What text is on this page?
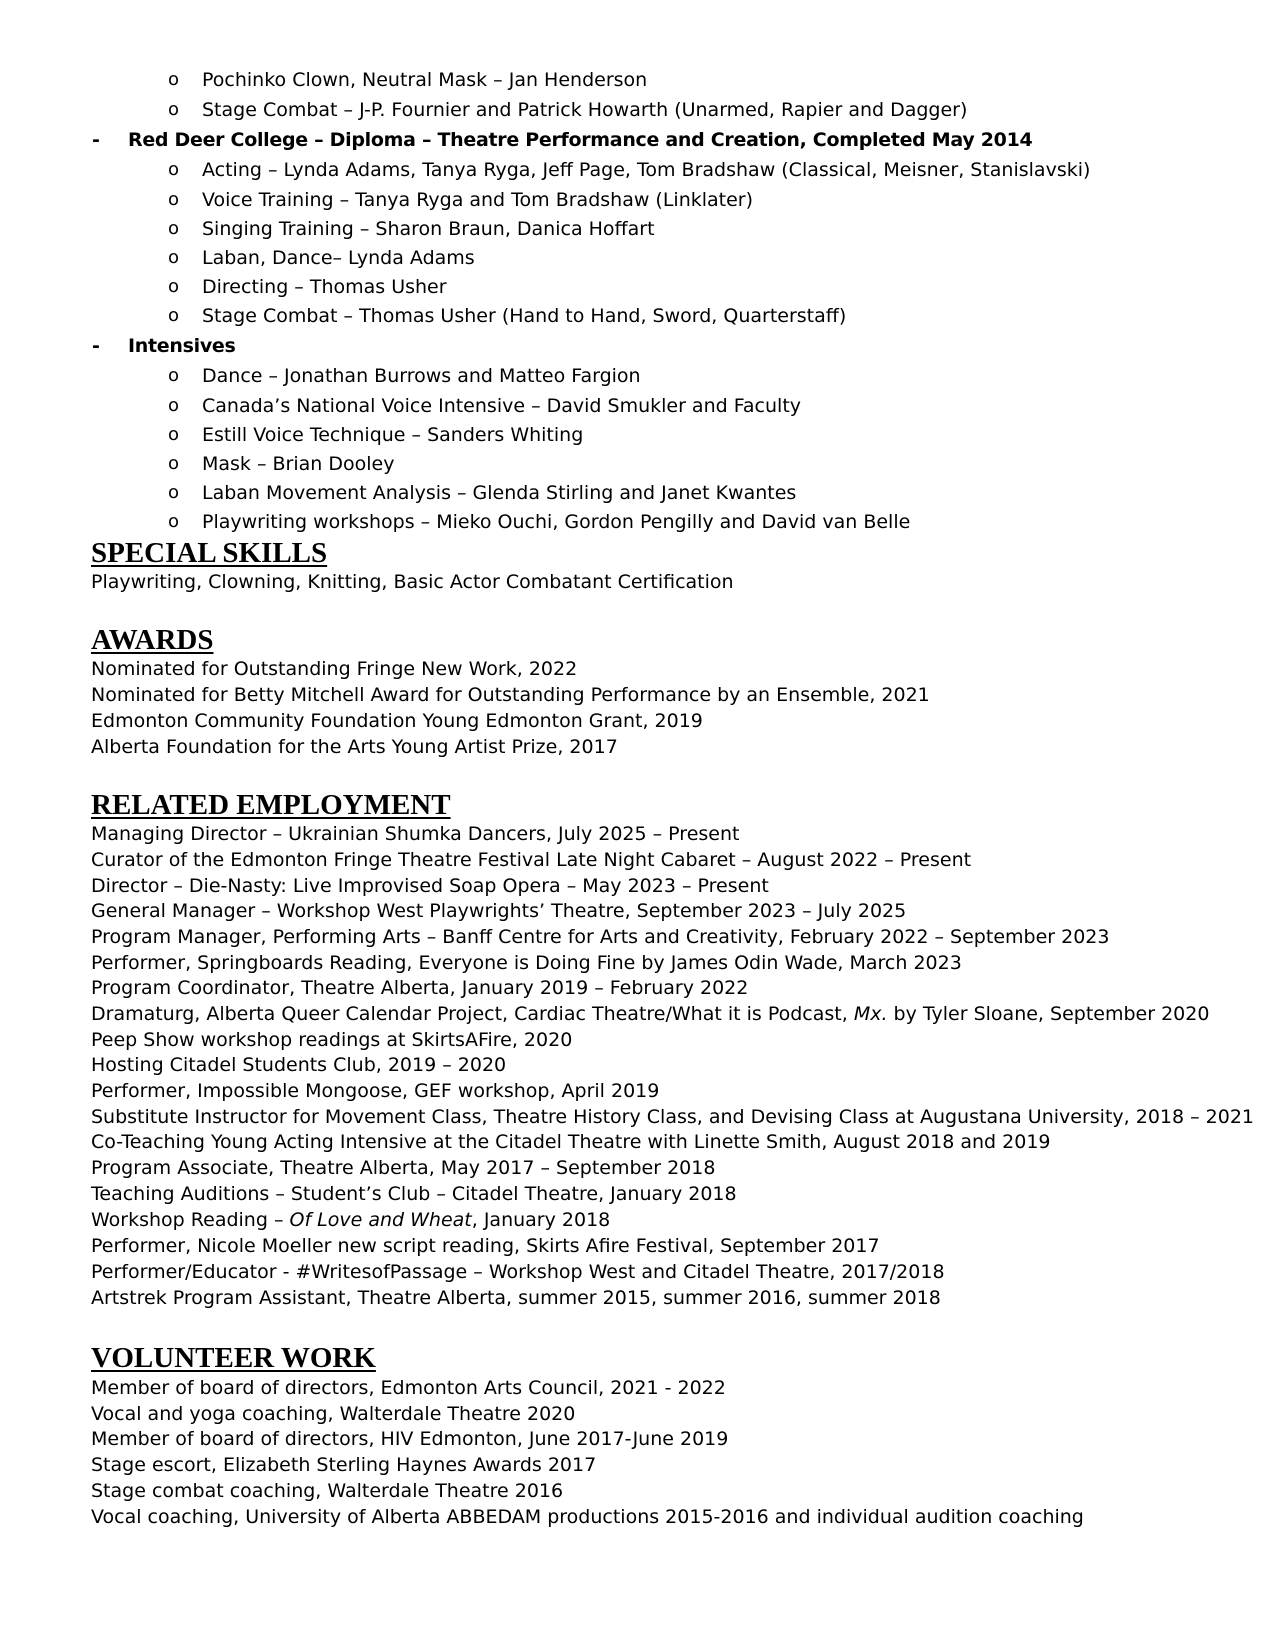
o Pochinko Clown, Neutral Mask – Jan Henderson
o Stage Combat – J-P. Fournier and Patrick Howarth (Unarmed, Rapier and Dagger)
- Red Deer College – Diploma – Theatre Performance and Creation, Completed May 2014
o Acting – Lynda Adams, Tanya Ryga, Jeff Page, Tom Bradshaw (Classical, Meisner, Stanislavski)
o Voice Training – Tanya Ryga and Tom Bradshaw (Linklater)
o Singing Training – Sharon Braun, Danica Hoffart
o Laban, Dance– Lynda Adams
o Directing – Thomas Usher
o Stage Combat – Thomas Usher (Hand to Hand, Sword, Quarterstaff)
- Intensives
o Dance – Jonathan Burrows and Matteo Fargion
o Canada’s National Voice Intensive – David Smukler and Faculty
o Estill Voice Technique – Sanders Whiting
o Mask – Brian Dooley
o Laban Movement Analysis – Glenda Stirling and Janet Kwantes
o Playwriting workshops – Mieko Ouchi, Gordon Pengilly and David van Belle
SPECIAL SKILLS
Playwriting, Clowning, Knitting, Basic Actor Combatant Certification
AWARDS
Nominated for Outstanding Fringe New Work, 2022
Nominated for Betty Mitchell Award for Outstanding Performance by an Ensemble, 2021
Edmonton Community Foundation Young Edmonton Grant, 2019
Alberta Foundation for the Arts Young Artist Prize, 2017
RELATED EMPLOYMENT
Managing Director – Ukrainian Shumka Dancers, July 2025 – Present
Curator of the Edmonton Fringe Theatre Festival Late Night Cabaret – August 2022 – Present
Director – Die-Nasty: Live Improvised Soap Opera – May 2023 – Present
General Manager – Workshop West Playwrights’ Theatre, September 2023 – July 2025
Program Manager, Performing Arts – Banff Centre for Arts and Creativity, February 2022 – September 2023
Performer, Springboards Reading, Everyone is Doing Fine by James Odin Wade, March 2023
Program Coordinator, Theatre Alberta, January 2019 – February 2022
Dramaturg, Alberta Queer Calendar Project, Cardiac Theatre/What it is Podcast, Mx. by Tyler Sloane, September 2020
Peep Show workshop readings at SkirtsAFire, 2020
Hosting Citadel Students Club, 2019 – 2020
Performer, Impossible Mongoose, GEF workshop, April 2019
Substitute Instructor for Movement Class, Theatre History Class, and Devising Class at Augustana University, 2018 – 2021
Co-Teaching Young Acting Intensive at the Citadel Theatre with Linette Smith, August 2018 and 2019
Program Associate, Theatre Alberta, May 2017 – September 2018
Teaching Auditions – Student’s Club – Citadel Theatre, January 2018
Workshop Reading – Of Love and Wheat, January 2018
Performer, Nicole Moeller new script reading, Skirts Afire Festival, September 2017
Performer/Educator - #WritesofPassage – Workshop West and Citadel Theatre, 2017/2018
Artstrek Program Assistant, Theatre Alberta, summer 2015, summer 2016, summer 2018
VOLUNTEER WORK
Member of board of directors, Edmonton Arts Council, 2021 - 2022
Vocal and yoga coaching, Walterdale Theatre 2020
Member of board of directors, HIV Edmonton, June 2017-June 2019
Stage escort, Elizabeth Sterling Haynes Awards 2017
Stage combat coaching, Walterdale Theatre 2016
Vocal coaching, University of Alberta ABBEDAM productions 2015-2016 and individual audition coaching
